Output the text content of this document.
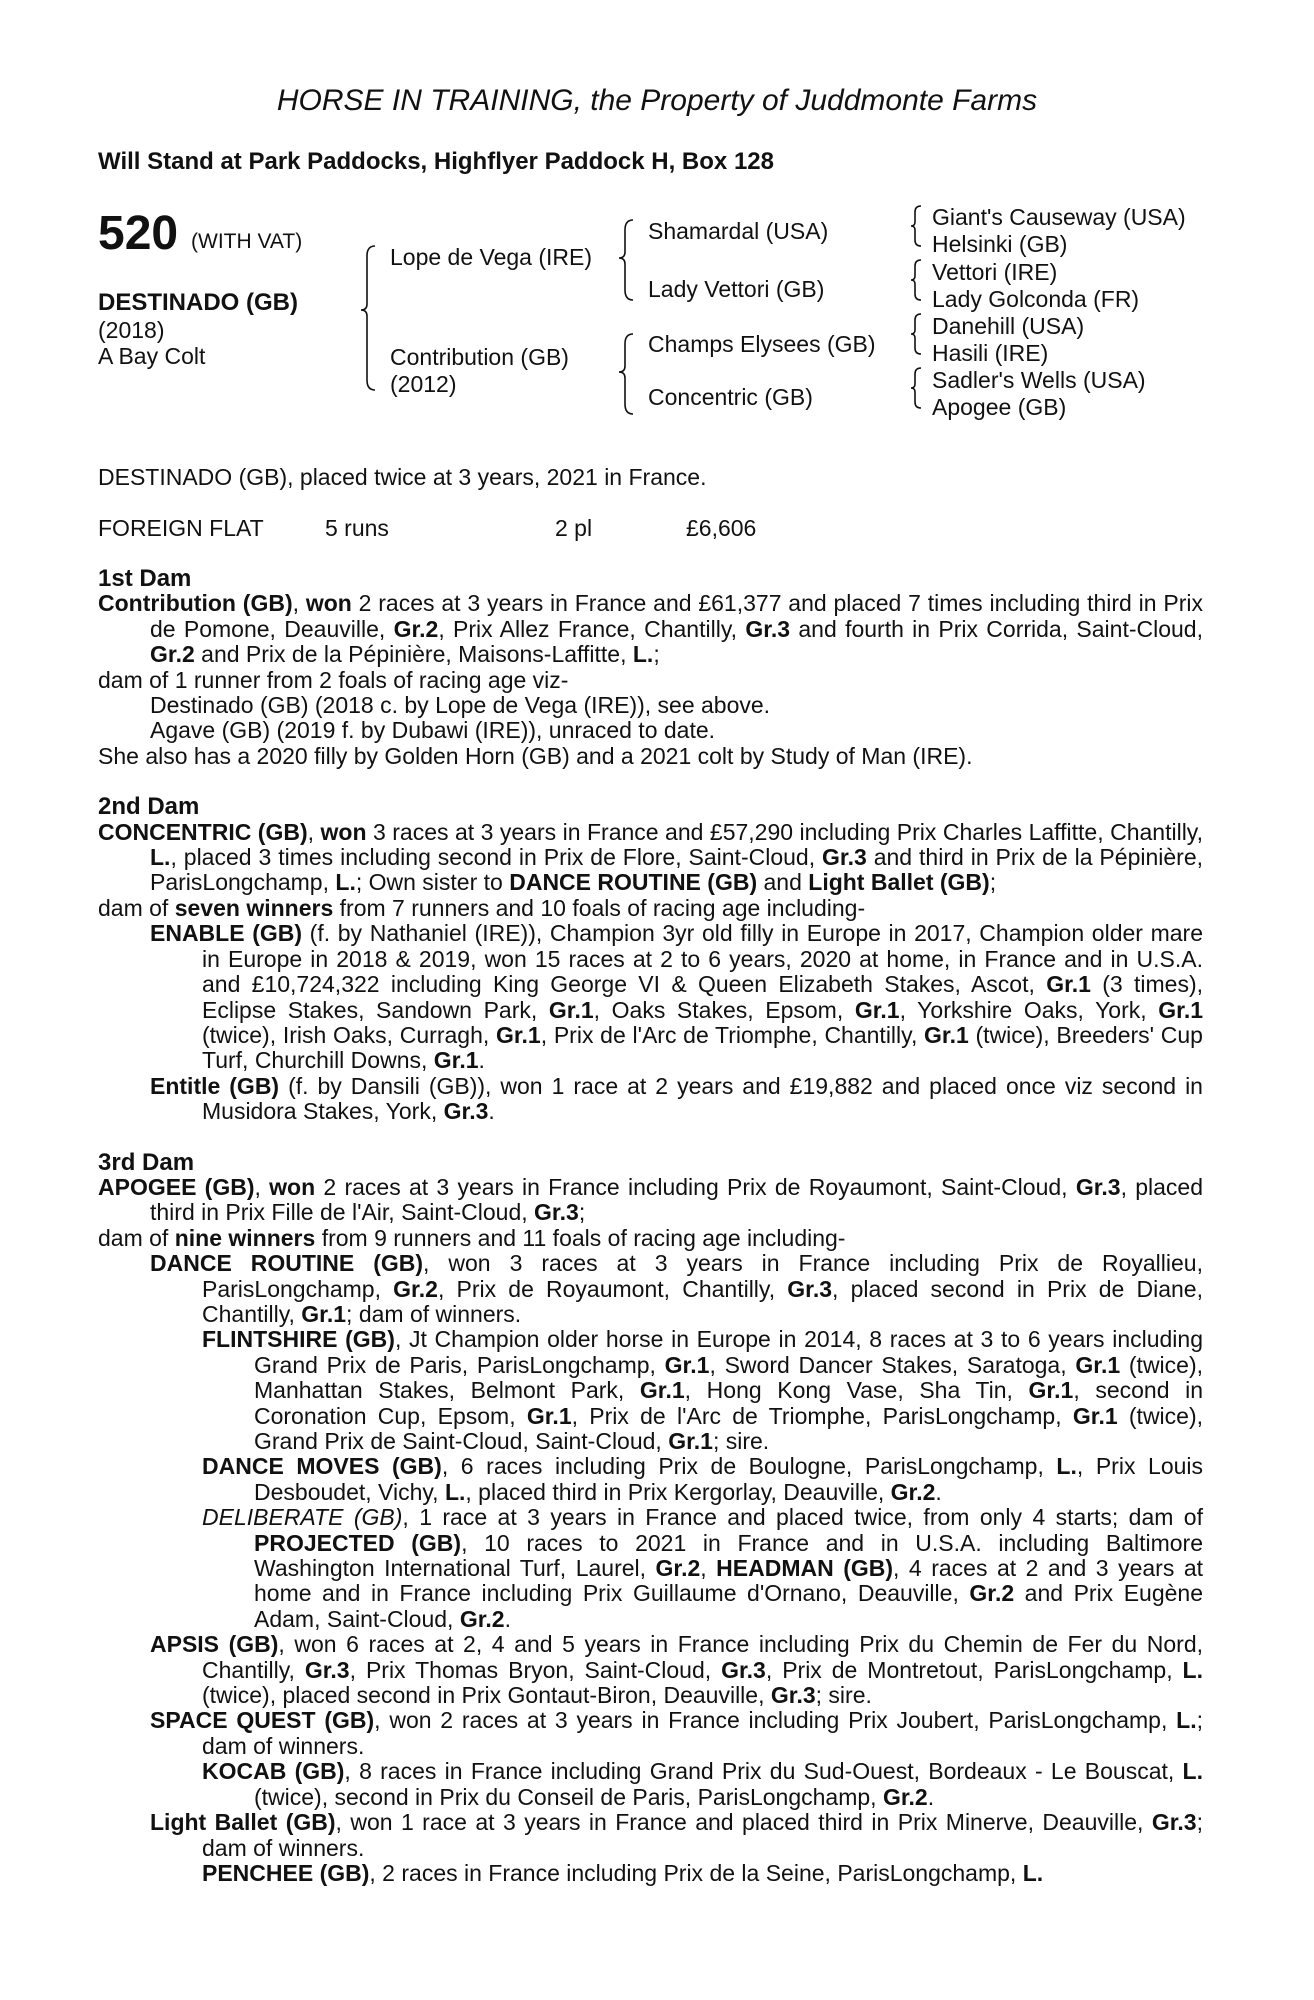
HORSE IN TRAINING, the Property of Juddmonte Farms
Will Stand at Park Paddocks, Highflyer Paddock H, Box 128
520 (WITH VAT)
DESTINADO (GB)
(2018)
A Bay Colt
Lope de Vega (IRE)
Contribution (GB)
(2012)
Shamardal (USA)
Lady Vettori (GB)
Champs Elysees (GB)
Concentric (GB)
Giant's Causeway (USA)
Helsinki (GB)
Vettori (IRE)
Lady Golconda (FR)
Danehill (USA)
Hasili (IRE)
Sadler's Wells (USA)
Apogee (GB)
DESTINADO (GB), placed twice at 3 years, 2021 in France.
FOREIGN FLAT	5 runs	2 pl	£6,606

1st Dam

Contribution (GB), won 2 races at 3 years in France and £61,377 and placed 7 times including third in Prix de Pomone, Deauville, Gr.2, Prix Allez France, Chantilly, Gr.3 and fourth in Prix Corrida, Saint-Cloud, Gr.2 and Prix de la Pépinière, Maisons-Laffitte, L.;

dam of 1 runner from 2 foals of racing age viz-

Destinado (GB) (2018 c. by Lope de Vega (IRE)), see above.

Agave (GB) (2019 f. by Dubawi (IRE)), unraced to date.

She also has a 2020 filly by Golden Horn (GB) and a 2021 colt by Study of Man (IRE).

2nd Dam

CONCENTRIC (GB), won 3 races at 3 years in France and £57,290 including Prix Charles Laffitte, Chantilly, L., placed 3 times including second in Prix de Flore, Saint-Cloud, Gr.3 and third in Prix de la Pépinière, ParisLongchamp, L.; Own sister to DANCE ROUTINE (GB) and Light Ballet (GB);

dam of seven winners from 7 runners and 10 foals of racing age including-

ENABLE (GB) (f. by Nathaniel (IRE)), Champion 3yr old filly in Europe in 2017, Champion older mare in Europe in 2018 & 2019, won 15 races at 2 to 6 years, 2020 at home, in France and in U.S.A. and £10,724,322 including King George VI & Queen Elizabeth Stakes, Ascot, Gr.1 (3 times), Eclipse Stakes, Sandown Park, Gr.1, Oaks Stakes, Epsom, Gr.1, Yorkshire Oaks, York, Gr.1 (twice), Irish Oaks, Curragh, Gr.1, Prix de l'Arc de Triomphe, Chantilly, Gr.1 (twice), Breeders' Cup Turf, Churchill Downs, Gr.1.

Entitle (GB) (f. by Dansili (GB)), won 1 race at 2 years and £19,882 and placed once viz second in Musidora Stakes, York, Gr.3.

3rd Dam

APOGEE (GB), won 2 races at 3 years in France including Prix de Royaumont, Saint-Cloud, Gr.3, placed third in Prix Fille de l'Air, Saint-Cloud, Gr.3;

dam of nine winners from 9 runners and 11 foals of racing age including-

DANCE ROUTINE (GB), won 3 races at 3 years in France including Prix de Royallieu, ParisLongchamp, Gr.2, Prix de Royaumont, Chantilly, Gr.3, placed second in Prix de Diane, Chantilly, Gr.1; dam of winners.

FLINTSHIRE (GB), Jt Champion older horse in Europe in 2014, 8 races at 3 to 6 years including Grand Prix de Paris, ParisLongchamp, Gr.1, Sword Dancer Stakes, Saratoga, Gr.1 (twice), Manhattan Stakes, Belmont Park, Gr.1, Hong Kong Vase, Sha Tin, Gr.1, second in Coronation Cup, Epsom, Gr.1, Prix de l'Arc de Triomphe, ParisLongchamp, Gr.1 (twice), Grand Prix de Saint-Cloud, Saint-Cloud, Gr.1; sire.

DANCE MOVES (GB), 6 races including Prix de Boulogne, ParisLongchamp, L., Prix Louis Desboudet, Vichy, L., placed third in Prix Kergorlay, Deauville, Gr.2.

DELIBERATE (GB), 1 race at 3 years in France and placed twice, from only 4 starts; dam of PROJECTED (GB), 10 races to 2021 in France and in U.S.A. including Baltimore Washington International Turf, Laurel, Gr.2, HEADMAN (GB), 4 races at 2 and 3 years at home and in France including Prix Guillaume d'Ornano, Deauville, Gr.2 and Prix Eugène Adam, Saint-Cloud, Gr.2.

APSIS (GB), won 6 races at 2, 4 and 5 years in France including Prix du Chemin de Fer du Nord, Chantilly, Gr.3, Prix Thomas Bryon, Saint-Cloud, Gr.3, Prix de Montretout, ParisLongchamp, L. (twice), placed second in Prix Gontaut-Biron, Deauville, Gr.3; sire.

SPACE QUEST (GB), won 2 races at 3 years in France including Prix Joubert, ParisLongchamp, L.; dam of winners.

KOCAB (GB), 8 races in France including Grand Prix du Sud-Ouest, Bordeaux - Le Bouscat, L. (twice), second in Prix du Conseil de Paris, ParisLongchamp, Gr.2.

Light Ballet (GB), won 1 race at 3 years in France and placed third in Prix Minerve, Deauville, Gr.3; dam of winners.

PENCHEE (GB), 2 races in France including Prix de la Seine, ParisLongchamp, L.
